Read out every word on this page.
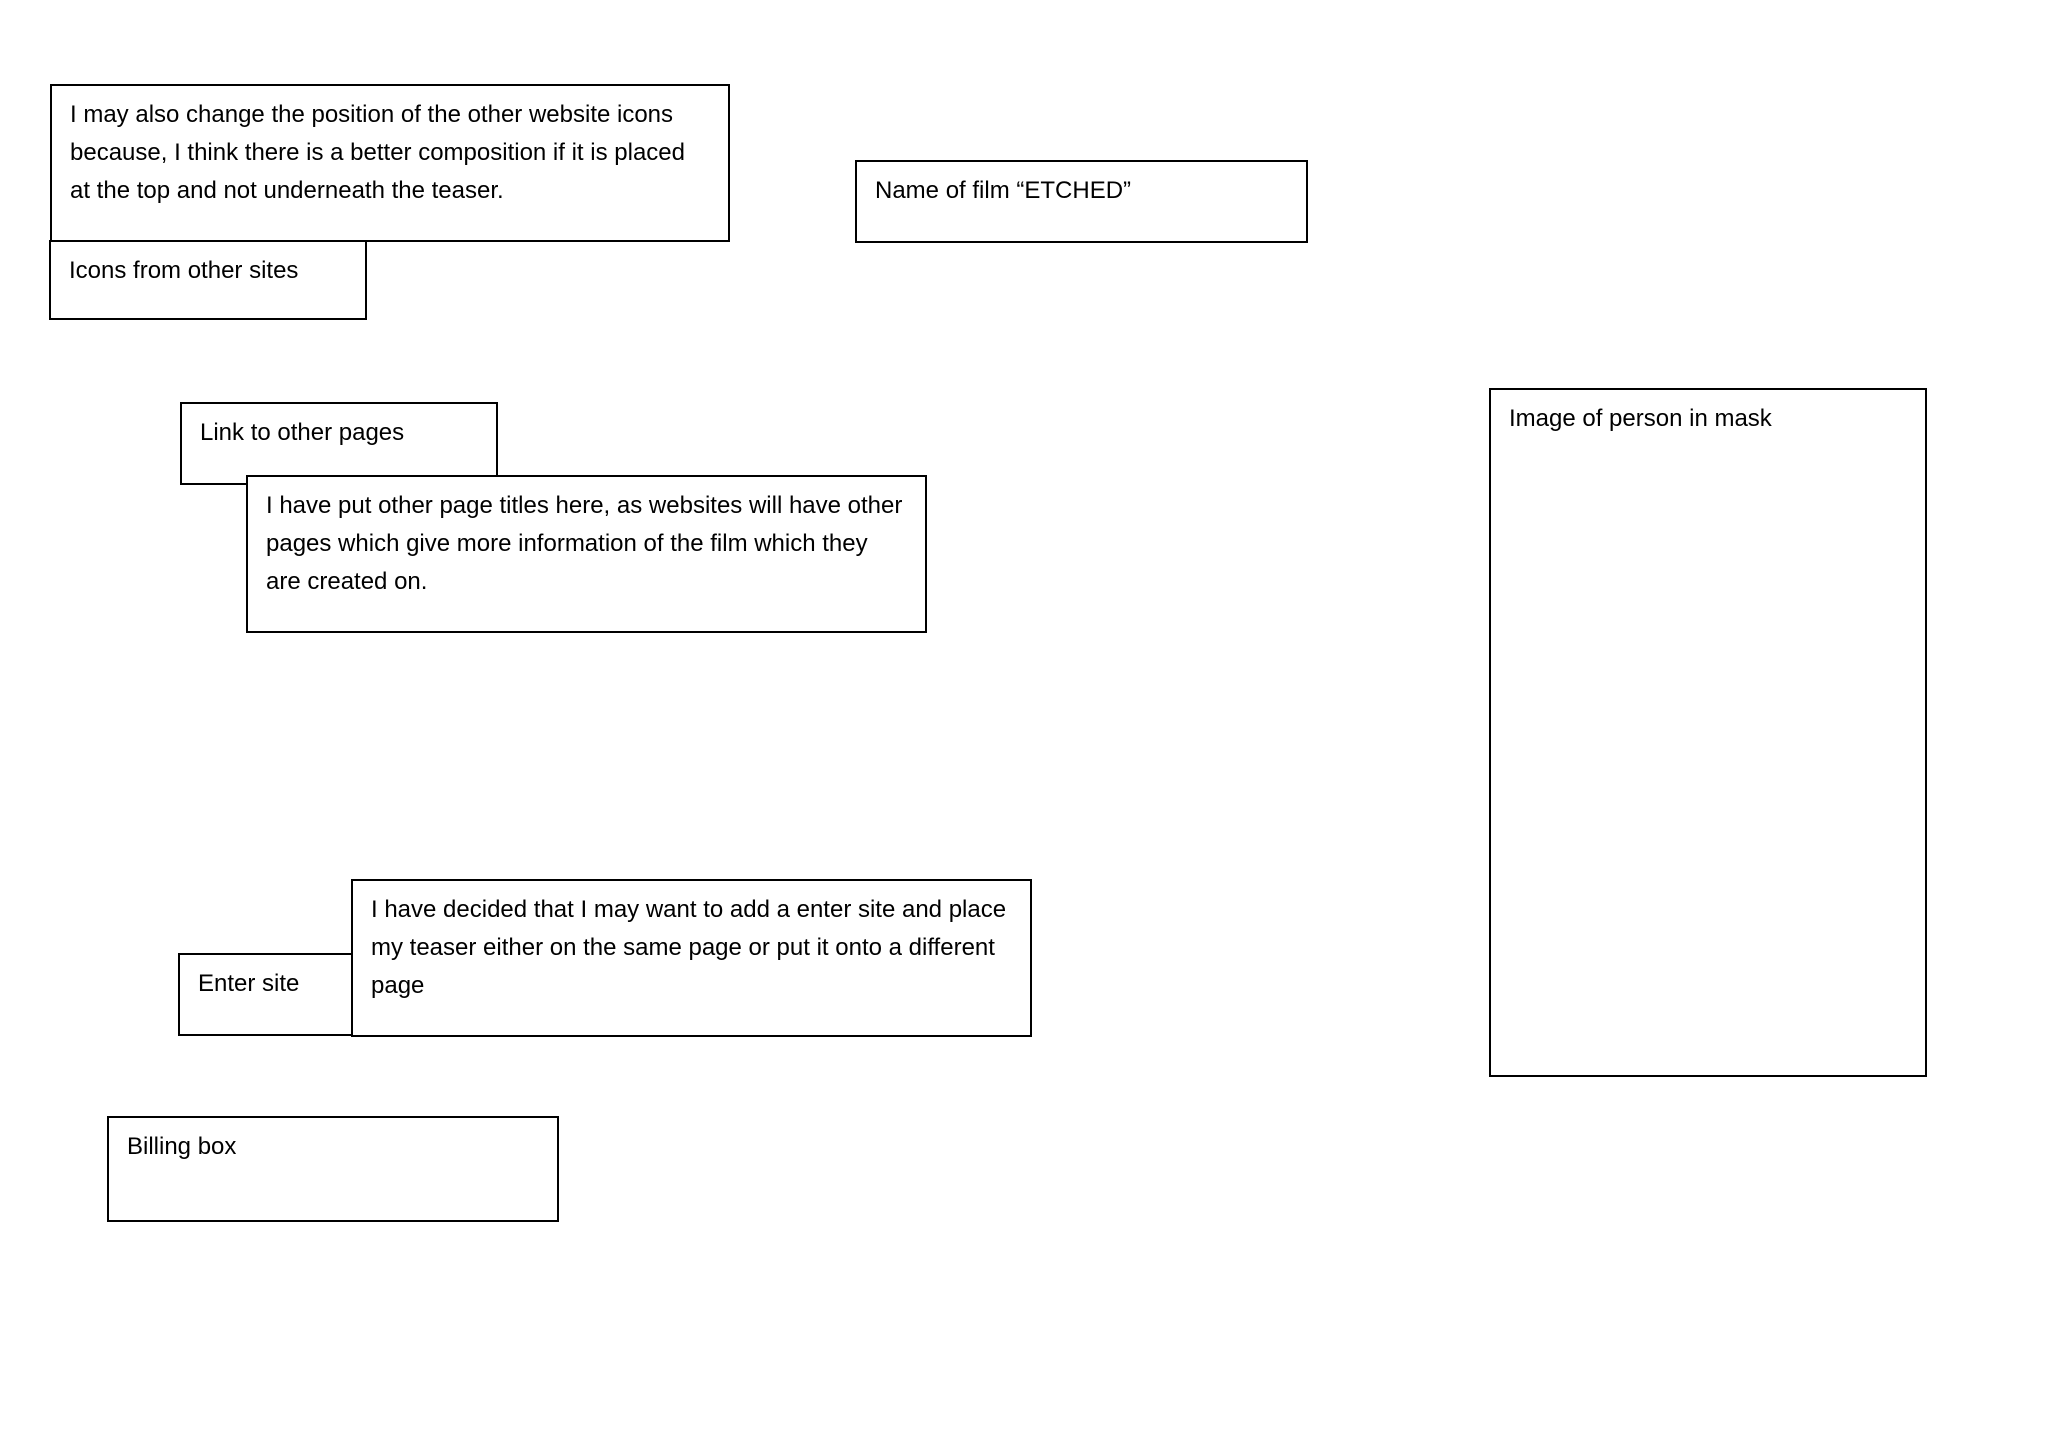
I may also change the position of the other website icons because, I think there is a better composition if it is placed at the top and not underneath the teaser.

Icons from other sites

Name of film “ETCHED”

Link to other pages

I have put other page titles here, as websites will have other pages which give more information of the film which they are created on.

Image of person in mask

Enter site

I have decided that I may want to add a enter site and place my teaser either on the same page or put it onto a different page

Billing box
